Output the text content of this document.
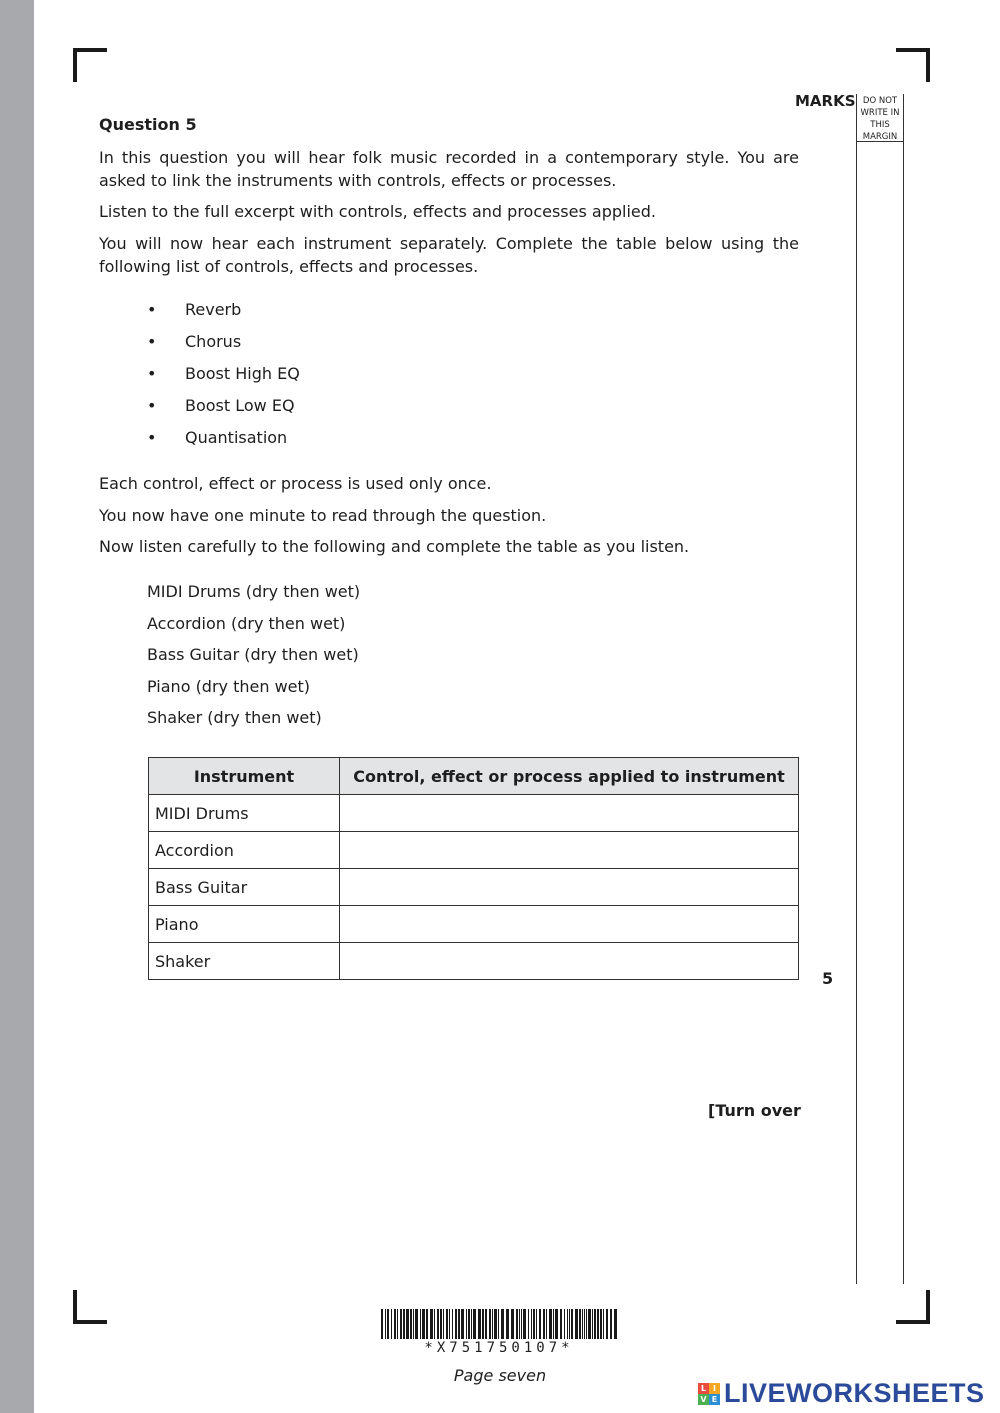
MARKS DO NOT
WRITE IN
THIS
MARGIN
Question 5

In this question you will hear folk music recorded in a contemporary style. You are asked to link the instruments with controls, effects or processes.

Listen to the full excerpt with controls, effects and processes applied.

You will now hear each instrument separately. Complete the table below using the following list of controls, effects and processes.

• Reverb
• Chorus
• Boost High EQ
• Boost Low EQ
• Quantisation

Each control, effect or process is used only once.

You now have one minute to read through the question.

Now listen carefully to the following and complete the table as you listen.

MIDI Drums (dry then wet)
Accordion (dry then wet)
Bass Guitar (dry then wet)
Piano (dry then wet)
Shaker (dry then wet)
Instrument	Control, effect or process applied to instrument
MIDI Drums	
Accordion	
Bass Guitar	
Piano	
Shaker	
5
[Turn over
*X751750107*
Page seven
L I
V E LIVEWORKSHEETS
